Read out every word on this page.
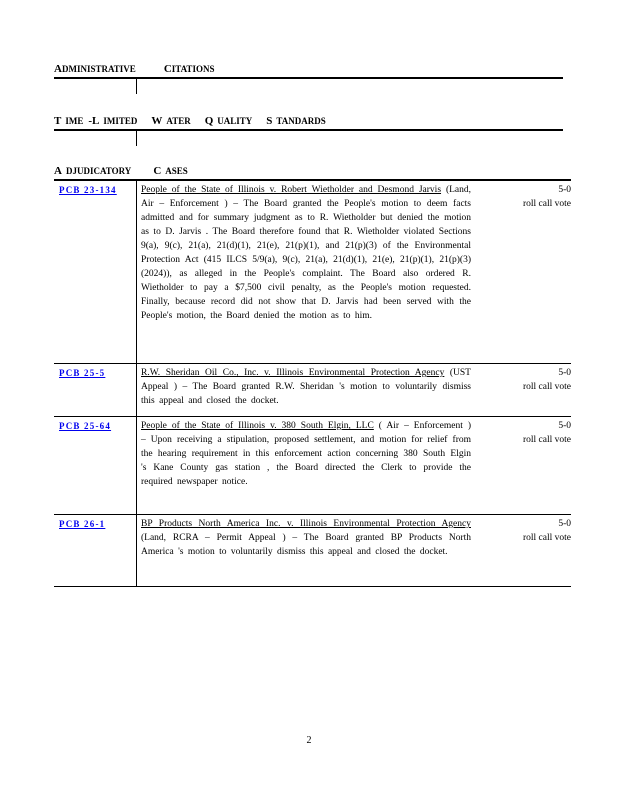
ADMINISTRATIVE	CITATIONS
T IME -L IMITED W ATER Q UALITY S TANDARDS
A DJUDICATORY C ASES
PCB 23-134	People of the State of Illinois v. Robert Wietholder and Desmond Jarvis (Land, Air – Enforcement ) – The Board granted the People's motion to deem facts admitted and for summary judgment as to R. Wietholder but denied the motion as to D. Jarvis . The Board therefore found that R. Wietholder violated Sections 9(a), 9(c), 21(a), 21(d)(1), 21(e), 21(p)(1), and 21(p)(3) of the Environmental Protection Act (415 ILCS 5/9(a), 9(c), 21(a), 21(d)(1), 21(e), 21(p)(1), 21(p)(3) (2024)), as alleged in the People's complaint. The Board also ordered R. Wietholder to pay a $7,500 civil penalty, as the People's motion requested. Finally, because record did not show that D. Jarvis had been served with the People's motion, the Board denied the motion as to him.
5-0
roll call vote
PCB 25-5	R.W. Sheridan Oil Co., Inc. v. Illinois Environmental Protection Agency (UST Appeal ) – The Board granted R.W. Sheridan 's motion to voluntarily dismiss this appeal and closed the docket.
5-0
roll call vote
PCB 25-64	People of the State of Illinois v. 380 South Elgin, LLC ( Air – Enforcement ) – Upon receiving a stipulation, proposed settlement, and motion for relief from the hearing requirement in this enforcement action concerning 380 South Elgin 's Kane County gas station , the Board directed the Clerk to provide the required newspaper notice.
5-0
roll call vote
PCB 26-1	BP Products North America Inc. v. Illinois Environmental Protection Agency (Land, RCRA – Permit Appeal ) – The Board granted BP Products North America 's motion to voluntarily dismiss this appeal and closed the docket.
5-0
roll call vote
2
